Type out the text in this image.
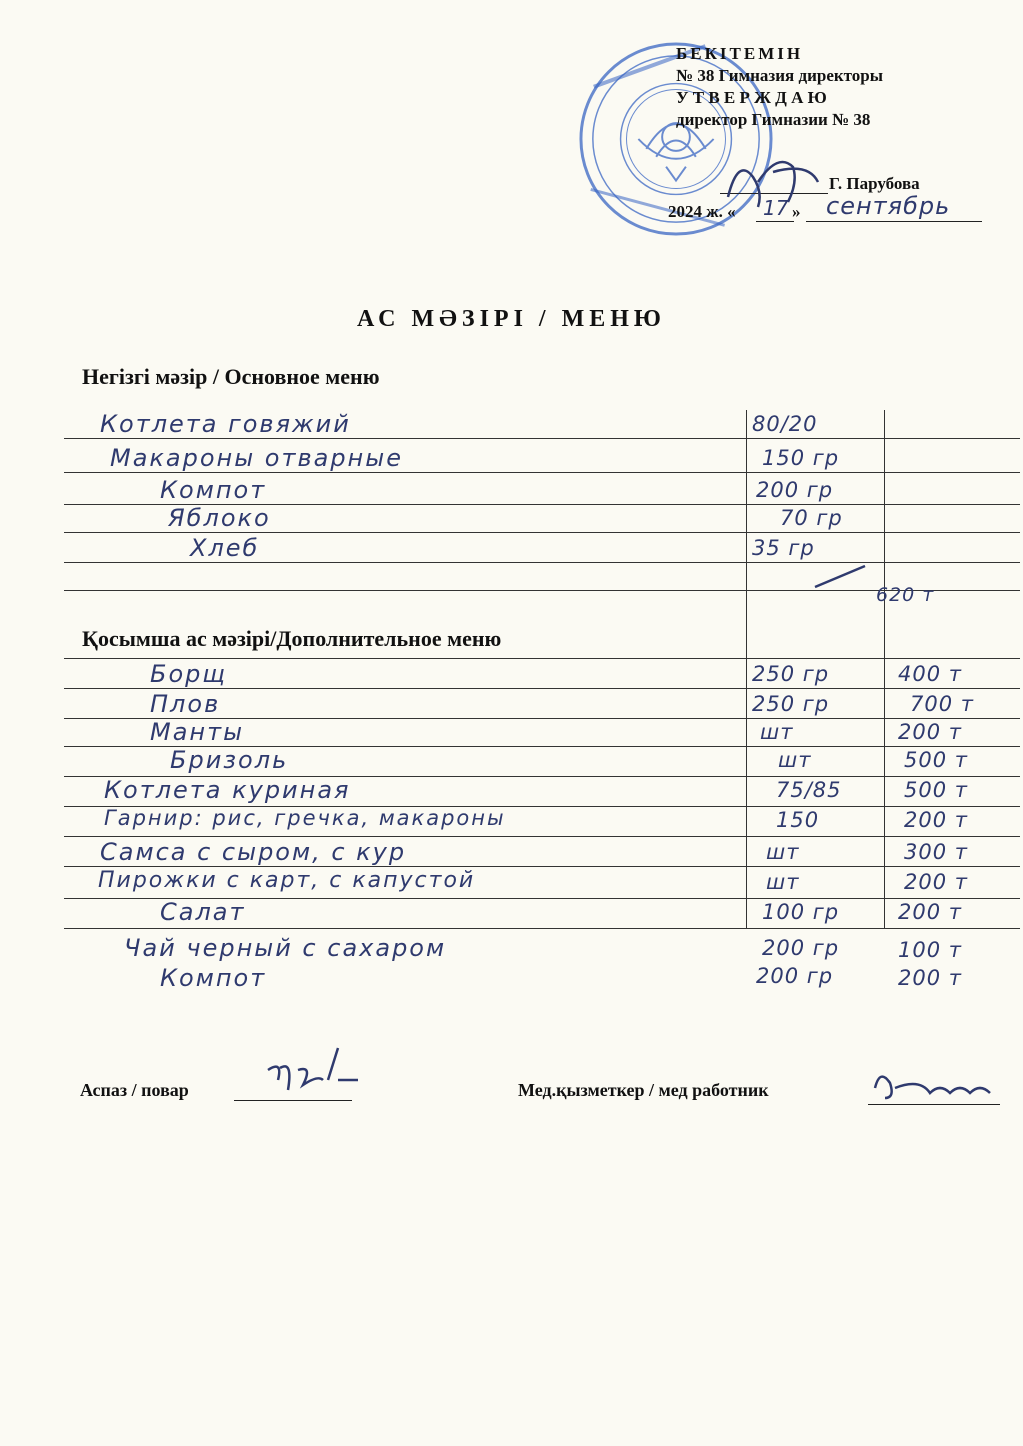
БЕКІТЕМІН
№ 38 Гимназия директоры
У Т В Е Р Ж Д А Ю
директор Гимназии № 38
Г. Парубова
2024 ж. «	»
17 сентябрь
АС МӘЗІРІ / МЕНЮ
Негізгі мәзір / Основное меню
Котлета говяжий	80/20
Макароны отварные	150 гр
Компот	200 гр
Яблоко	70 гр
Хлеб	35 гр
620 т
Қосымша ас мәзірі/Дополнительное меню
Борщ	250 гр	400 т
Плов	250 гр	700 т
Манты	шт	200 т
Бризоль	шт	500 т
Котлета куриная	75/85	500 т
Гарнир: рис, гречка, макароны	150	200 т
Самса с сыром, с кур	шт	300 т
Пирожки с карт, с капустой	шт	200 т
Салат	100 гр	200 т
Чай черный с сахаром	200 гр	100 т
Компот	200 гр	200 т
Аспаз / повар	Мед.қызметкер / мед работник
